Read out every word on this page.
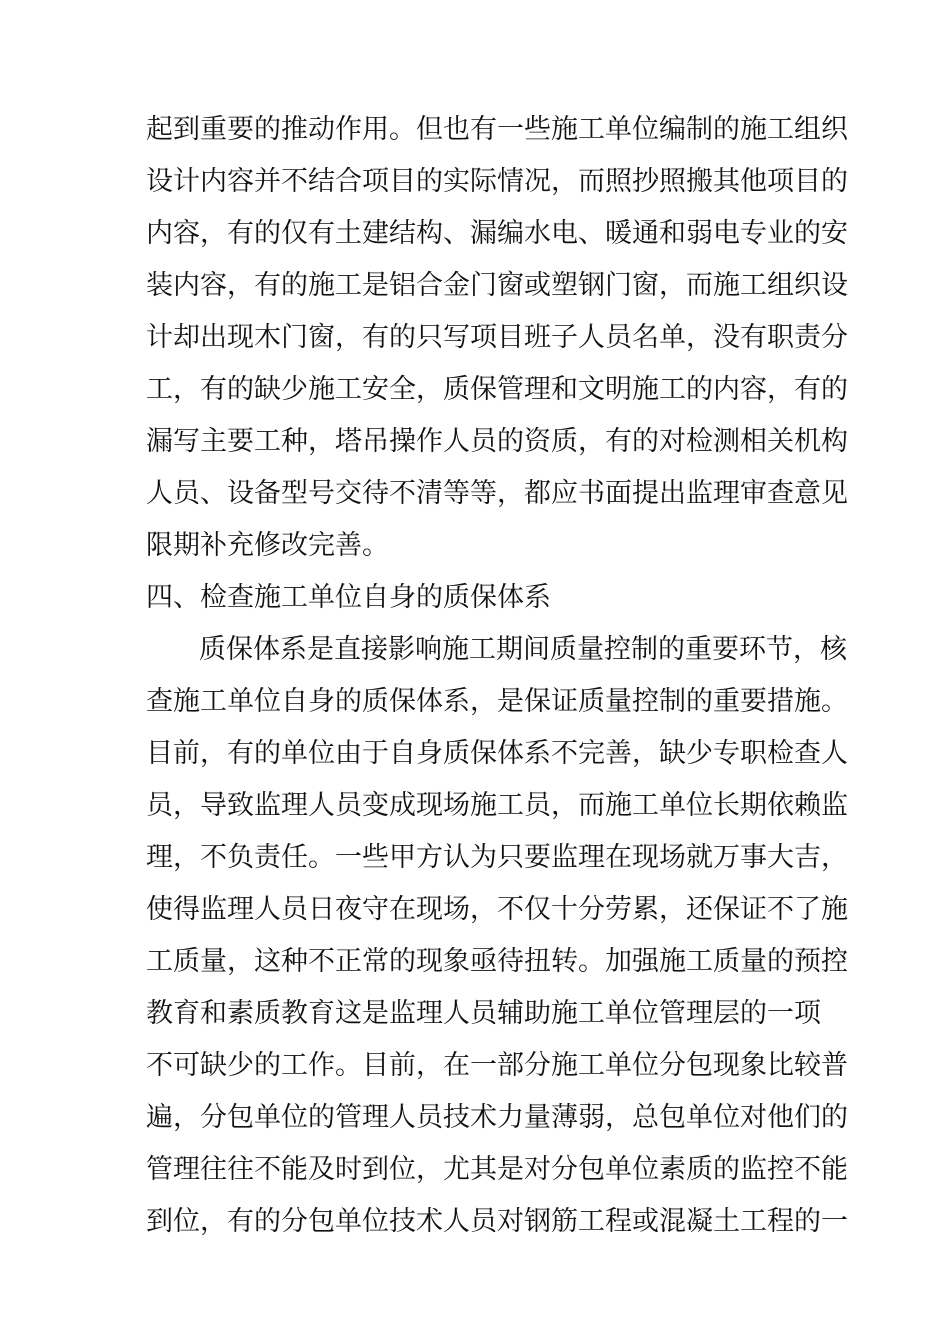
起到重要的推动作用。但也有一些施工单位编制的施工组织

设计内容并不结合项目的实际情况，而照抄照搬其他项目的

内容，有的仅有土建结构、漏编水电、暖通和弱电专业的安

装内容，有的施工是铝合金门窗或塑钢门窗，而施工组织设

计却出现木门窗，有的只写项目班子人员名单，没有职责分

工，有的缺少施工安全，质保管理和文明施工的内容，有的

漏写主要工种，塔吊操作人员的资质，有的对检测相关机构

人员、设备型号交待不清等等，都应书面提出监理审查意见

限期补充修改完善。

四、检查施工单位自身的质保体系

质保体系是直接影响施工期间质量控制的重要环节，核

查施工单位自身的质保体系，是保证质量控制的重要措施。

目前，有的单位由于自身质保体系不完善，缺少专职检查人

员，导致监理人员变成现场施工员，而施工单位长期依赖监

理，不负责任。一些甲方认为只要监理在现场就万事大吉，

使得监理人员日夜守在现场，不仅十分劳累，还保证不了施

工质量，这种不正常的现象亟待扭转。加强施工质量的预控

教育和素质教育这是监理人员辅助施工单位管理层的一项

不可缺少的工作。目前，在一部分施工单位分包现象比较普

遍，分包单位的管理人员技术力量薄弱，总包单位对他们的

管理往往不能及时到位，尤其是对分包单位素质的监控不能

到位，有的分包单位技术人员对钢筋工程或混凝土工程的一
